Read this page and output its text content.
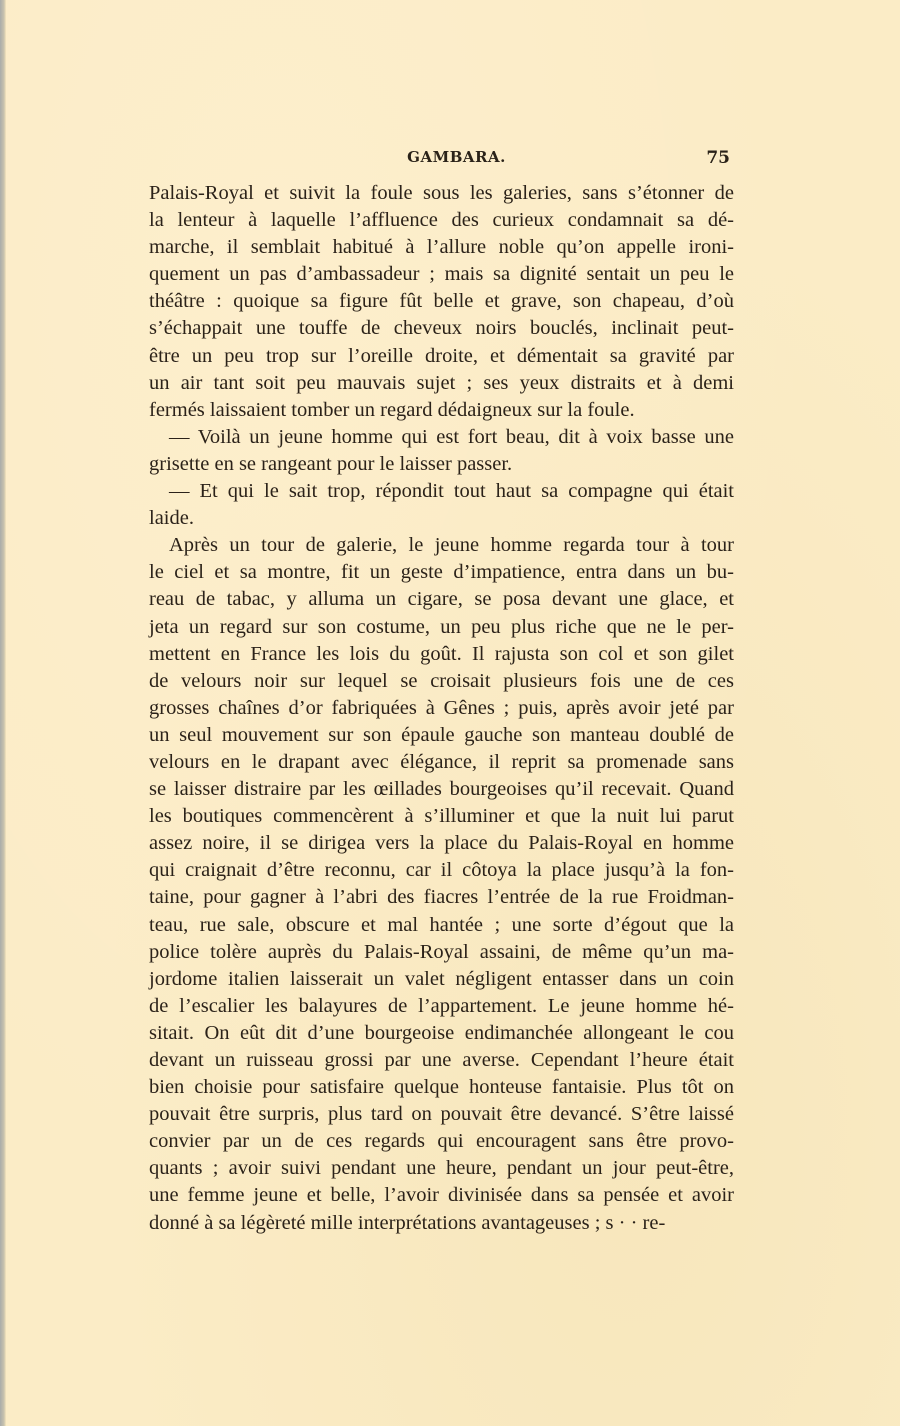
GAMBARA.	75
Palais-Royal et suivit la foule sous les galeries, sans s’étonner de
la lenteur à laquelle l’affluence des curieux condamnait sa dé-
marche, il semblait habitué à l’allure noble qu’on appelle ironi-
quement un pas d’ambassadeur ; mais sa dignité sentait un peu le
théâtre : quoique sa figure fût belle et grave, son chapeau, d’où
s’échappait une touffe de cheveux noirs bouclés, inclinait peut-
être un peu trop sur l’oreille droite, et démentait sa gravité par
un air tant soit peu mauvais sujet ; ses yeux distraits et à demi
fermés laissaient tomber un regard dédaigneux sur la foule.
— Voilà un jeune homme qui est fort beau, dit à voix basse une
grisette en se rangeant pour le laisser passer.
— Et qui le sait trop, répondit tout haut sa compagne qui était
laide.
Après un tour de galerie, le jeune homme regarda tour à tour
le ciel et sa montre, fit un geste d’impatience, entra dans un bu-
reau de tabac, y alluma un cigare, se posa devant une glace, et
jeta un regard sur son costume, un peu plus riche que ne le per-
mettent en France les lois du goût. Il rajusta son col et son gilet
de velours noir sur lequel se croisait plusieurs fois une de ces
grosses chaînes d’or fabriquées à Gênes ; puis, après avoir jeté par
un seul mouvement sur son épaule gauche son manteau doublé de
velours en le drapant avec élégance, il reprit sa promenade sans
se laisser distraire par les œillades bourgeoises qu’il recevait. Quand
les boutiques commencèrent à s’illuminer et que la nuit lui parut
assez noire, il se dirigea vers la place du Palais-Royal en homme
qui craignait d’être reconnu, car il côtoya la place jusqu’à la fon-
taine, pour gagner à l’abri des fiacres l’entrée de la rue Froidman-
teau, rue sale, obscure et mal hantée ; une sorte d’égout que la
police tolère auprès du Palais-Royal assaini, de même qu’un ma-
jordome italien laisserait un valet négligent entasser dans un coin
de l’escalier les balayures de l’appartement. Le jeune homme hé-
sitait. On eût dit d’une bourgeoise endimanchée allongeant le cou
devant un ruisseau grossi par une averse. Cependant l’heure était
bien choisie pour satisfaire quelque honteuse fantaisie. Plus tôt on
pouvait être surpris, plus tard on pouvait être devancé. S’être laissé
convier par un de ces regards qui encouragent sans être provo-
quants ; avoir suivi pendant une heure, pendant un jour peut-être,
une femme jeune et belle, l’avoir divinisée dans sa pensée et avoir
donné à sa légèreté mille interprétations avantageuses ; s · · re-
